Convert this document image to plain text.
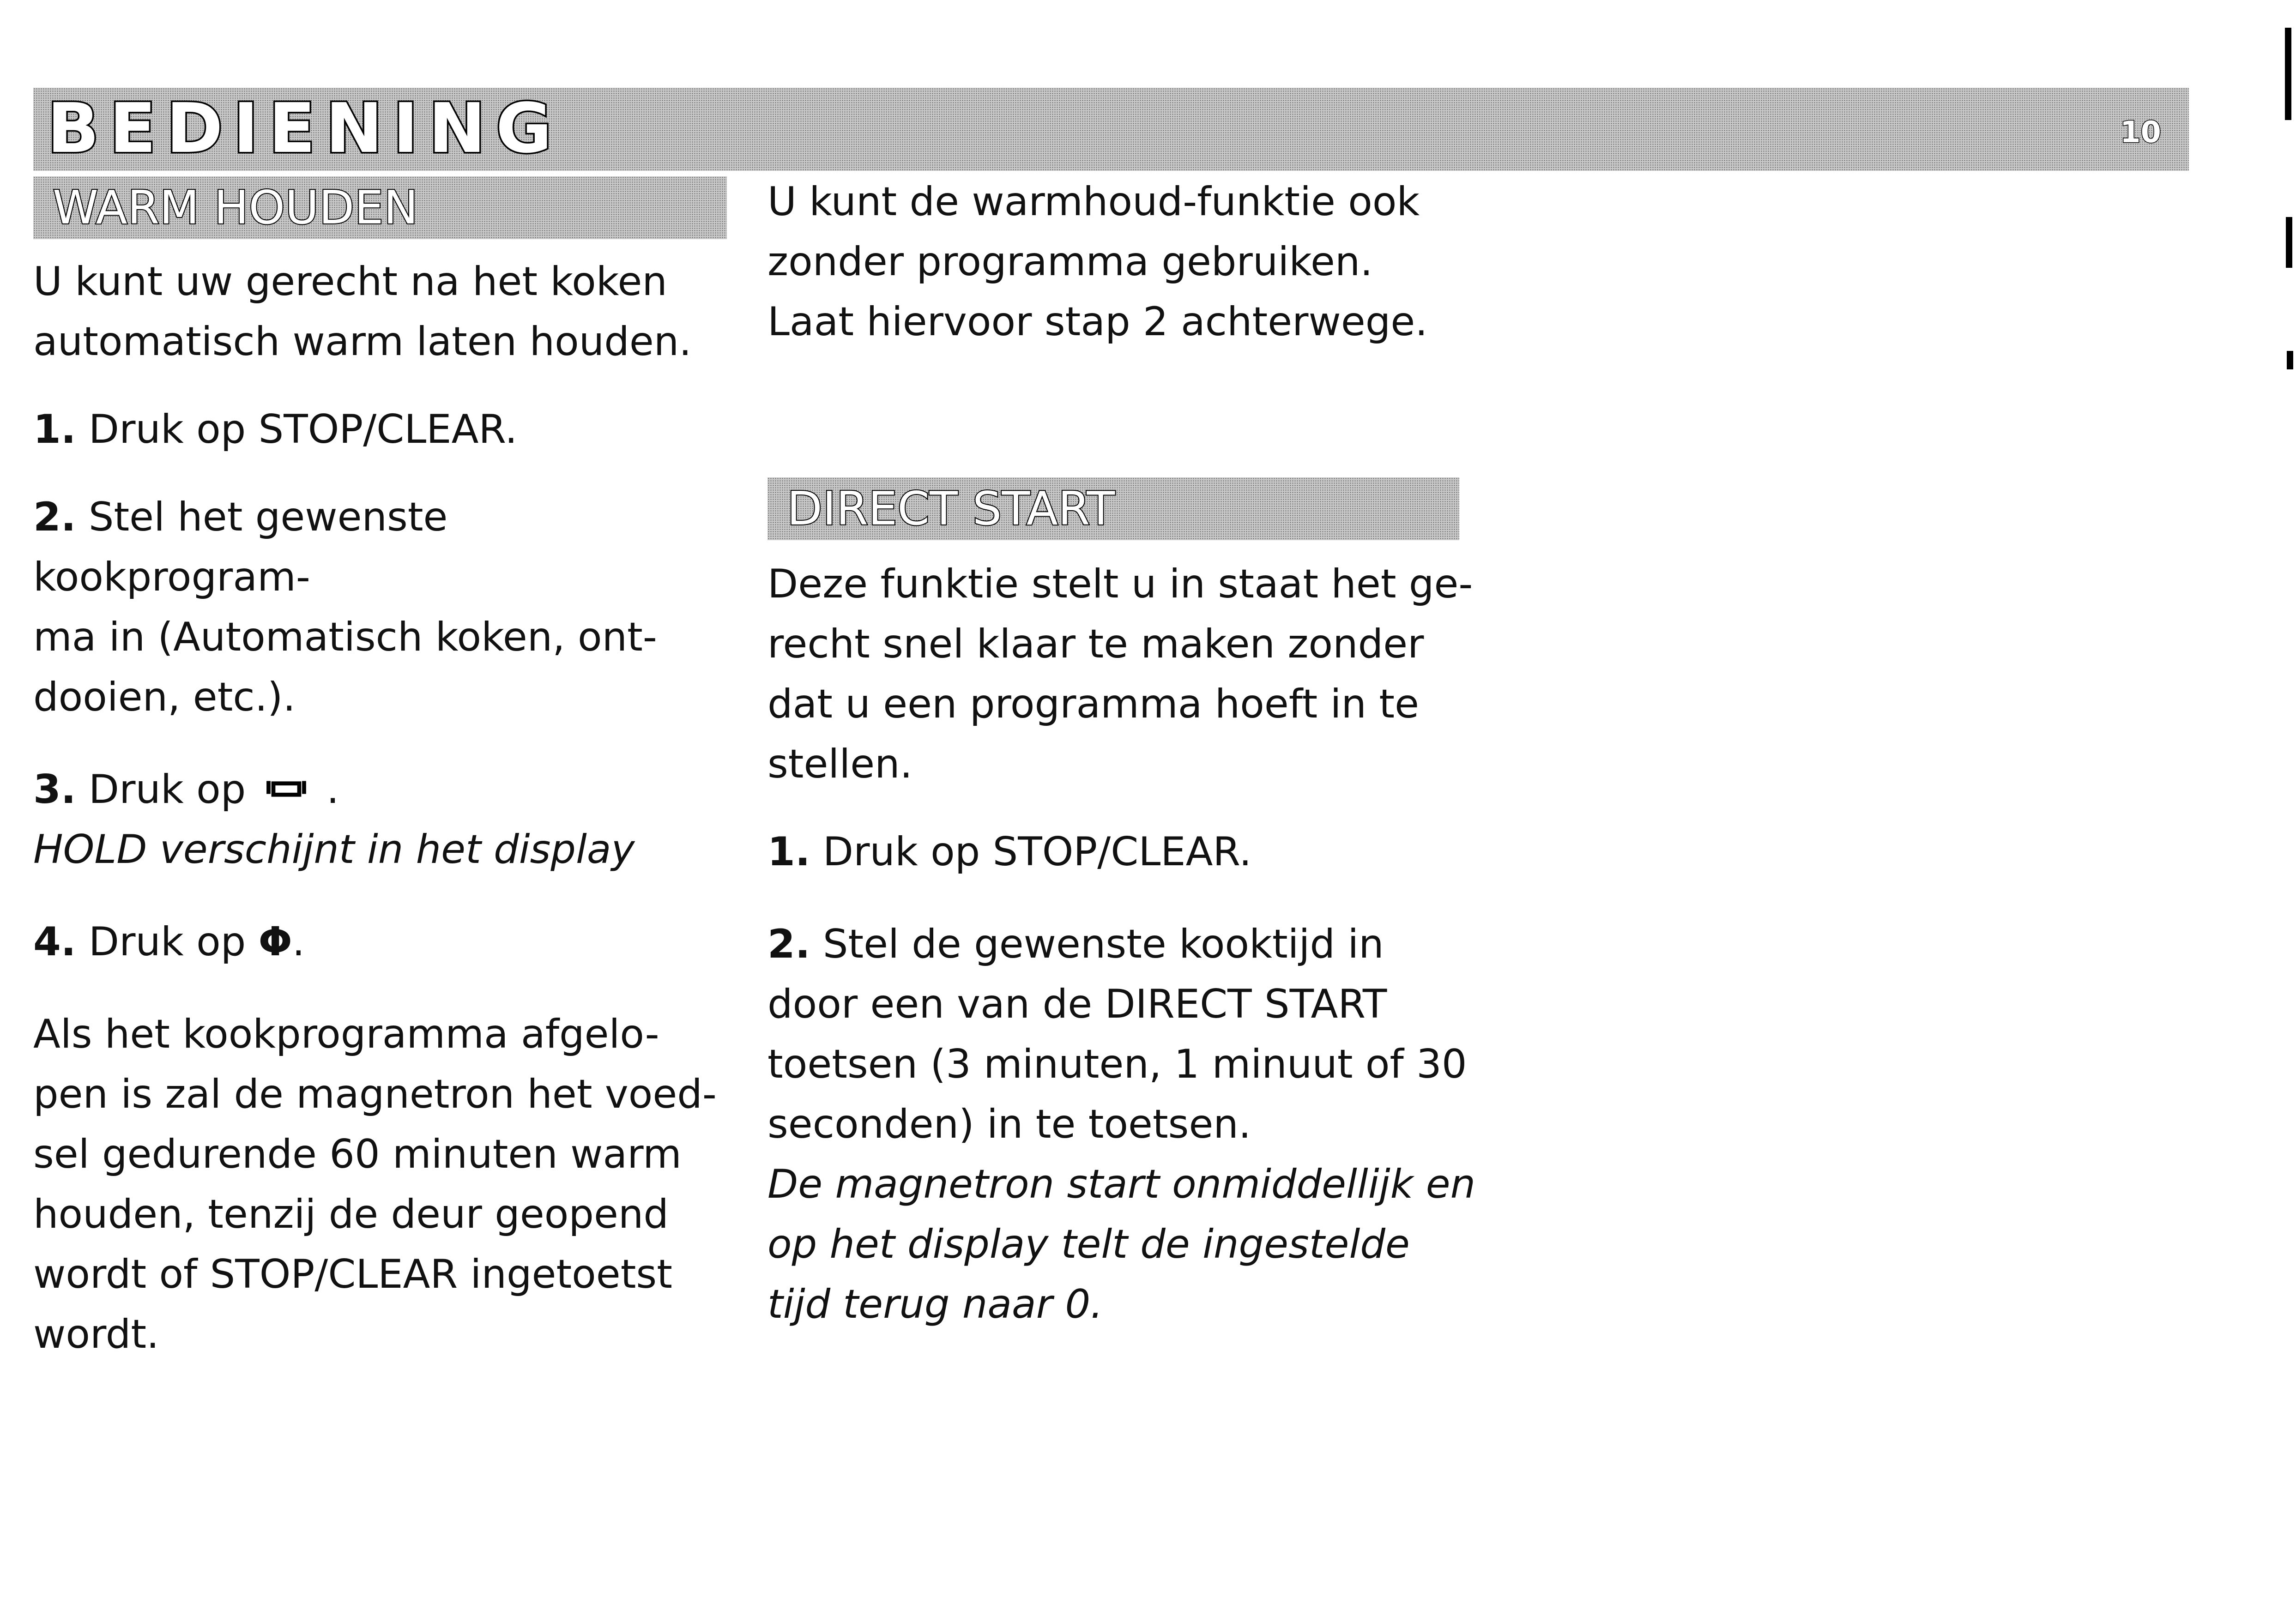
BEDIENING	10
WARM HOUDEN

U kunt uw gerecht na het koken

automatisch warm laten houden.

1. Druk op STOP/CLEAR.

2. Stel het gewenste kookprogram-

ma in (Automatisch koken, ont-

dooien, etc.).

3. Druk op  .

HOLD verschijnt in het display

4. Druk op Φ.

Als het kookprogramma afgelo-

pen is zal de magnetron het voed-

sel gedurende 60 minuten warm

houden, tenzij de deur geopend

wordt of STOP/CLEAR ingetoetst

wordt.

U kunt de warmhoud-funktie ook

zonder programma gebruiken.

Laat hiervoor stap 2 achterwege.

DIRECT START

Deze funktie stelt u in staat het ge-

recht snel klaar te maken zonder

dat u een programma hoeft in te

stellen.

1. Druk op STOP/CLEAR.

2. Stel de gewenste kooktijd in

door een van de DIRECT START

toetsen (3 minuten, 1 minuut of 30

seconden) in te toetsen.

De magnetron start onmiddellijk en

op het display telt de ingestelde

tijd terug naar 0.
